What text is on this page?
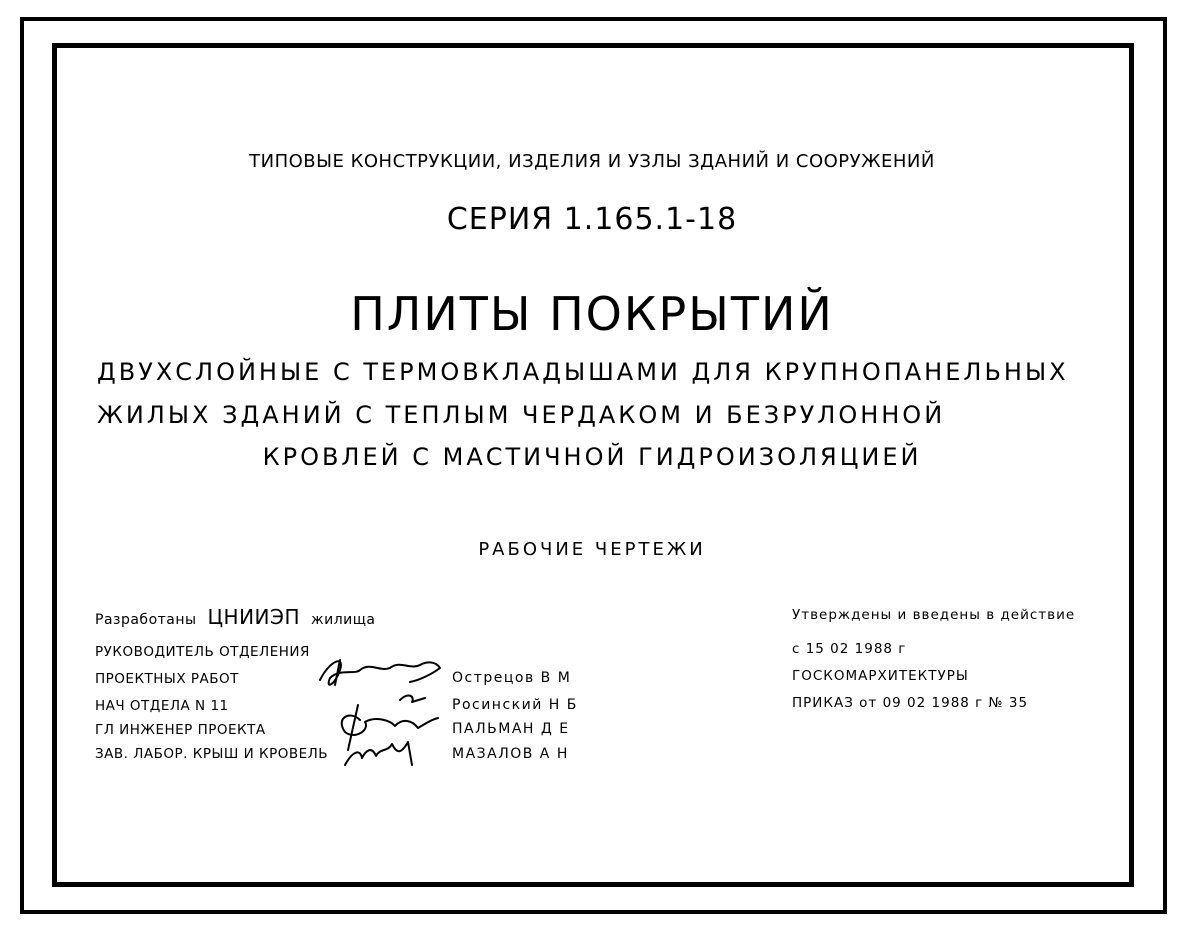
ТИПОВЫЕ КОНСТРУКЦИИ, ИЗДЕЛИЯ И УЗЛЫ ЗДАНИЙ И СООРУЖЕНИЙ
СЕРИЯ 1.165.1-18
ПЛИТЫ ПОКРЫТИЙ
ДВУХСЛОЙНЫЕ С ТЕРМОВКЛАДЫШАМИ ДЛЯ КРУПНОПАНЕЛЬНЫХ
ЖИЛЫХ ЗДАНИЙ С ТЕПЛЫМ ЧЕРДАКОМ И БЕЗРУЛОННОЙ
КРОВЛЕЙ С МАСТИЧНОЙ ГИДРОИЗОЛЯЦИЕЙ
РАБОЧИЕ ЧЕРТЕЖИ
Разработаны ЦНИИЭП жилища
РУКОВОДИТЕЛЬ ОТДЕЛЕНИЯ
ПРОЕКТНЫХ РАБОТ
НАЧ ОТДЕЛА N 11
ГЛ ИНЖЕНЕР ПРОЕКТА
ЗАВ. ЛАБОР. КРЫШ И КРОВЕЛЬ
Острецов В М
Росинский Н Б
ПАЛЬМАН Д Е
МАЗАЛОВ А Н
Утверждены и введены в действие
с 15 02 1988 г
ГОСКОМАРХИТЕКТУРЫ
ПРИКАЗ от 09 02 1988 г № 35
